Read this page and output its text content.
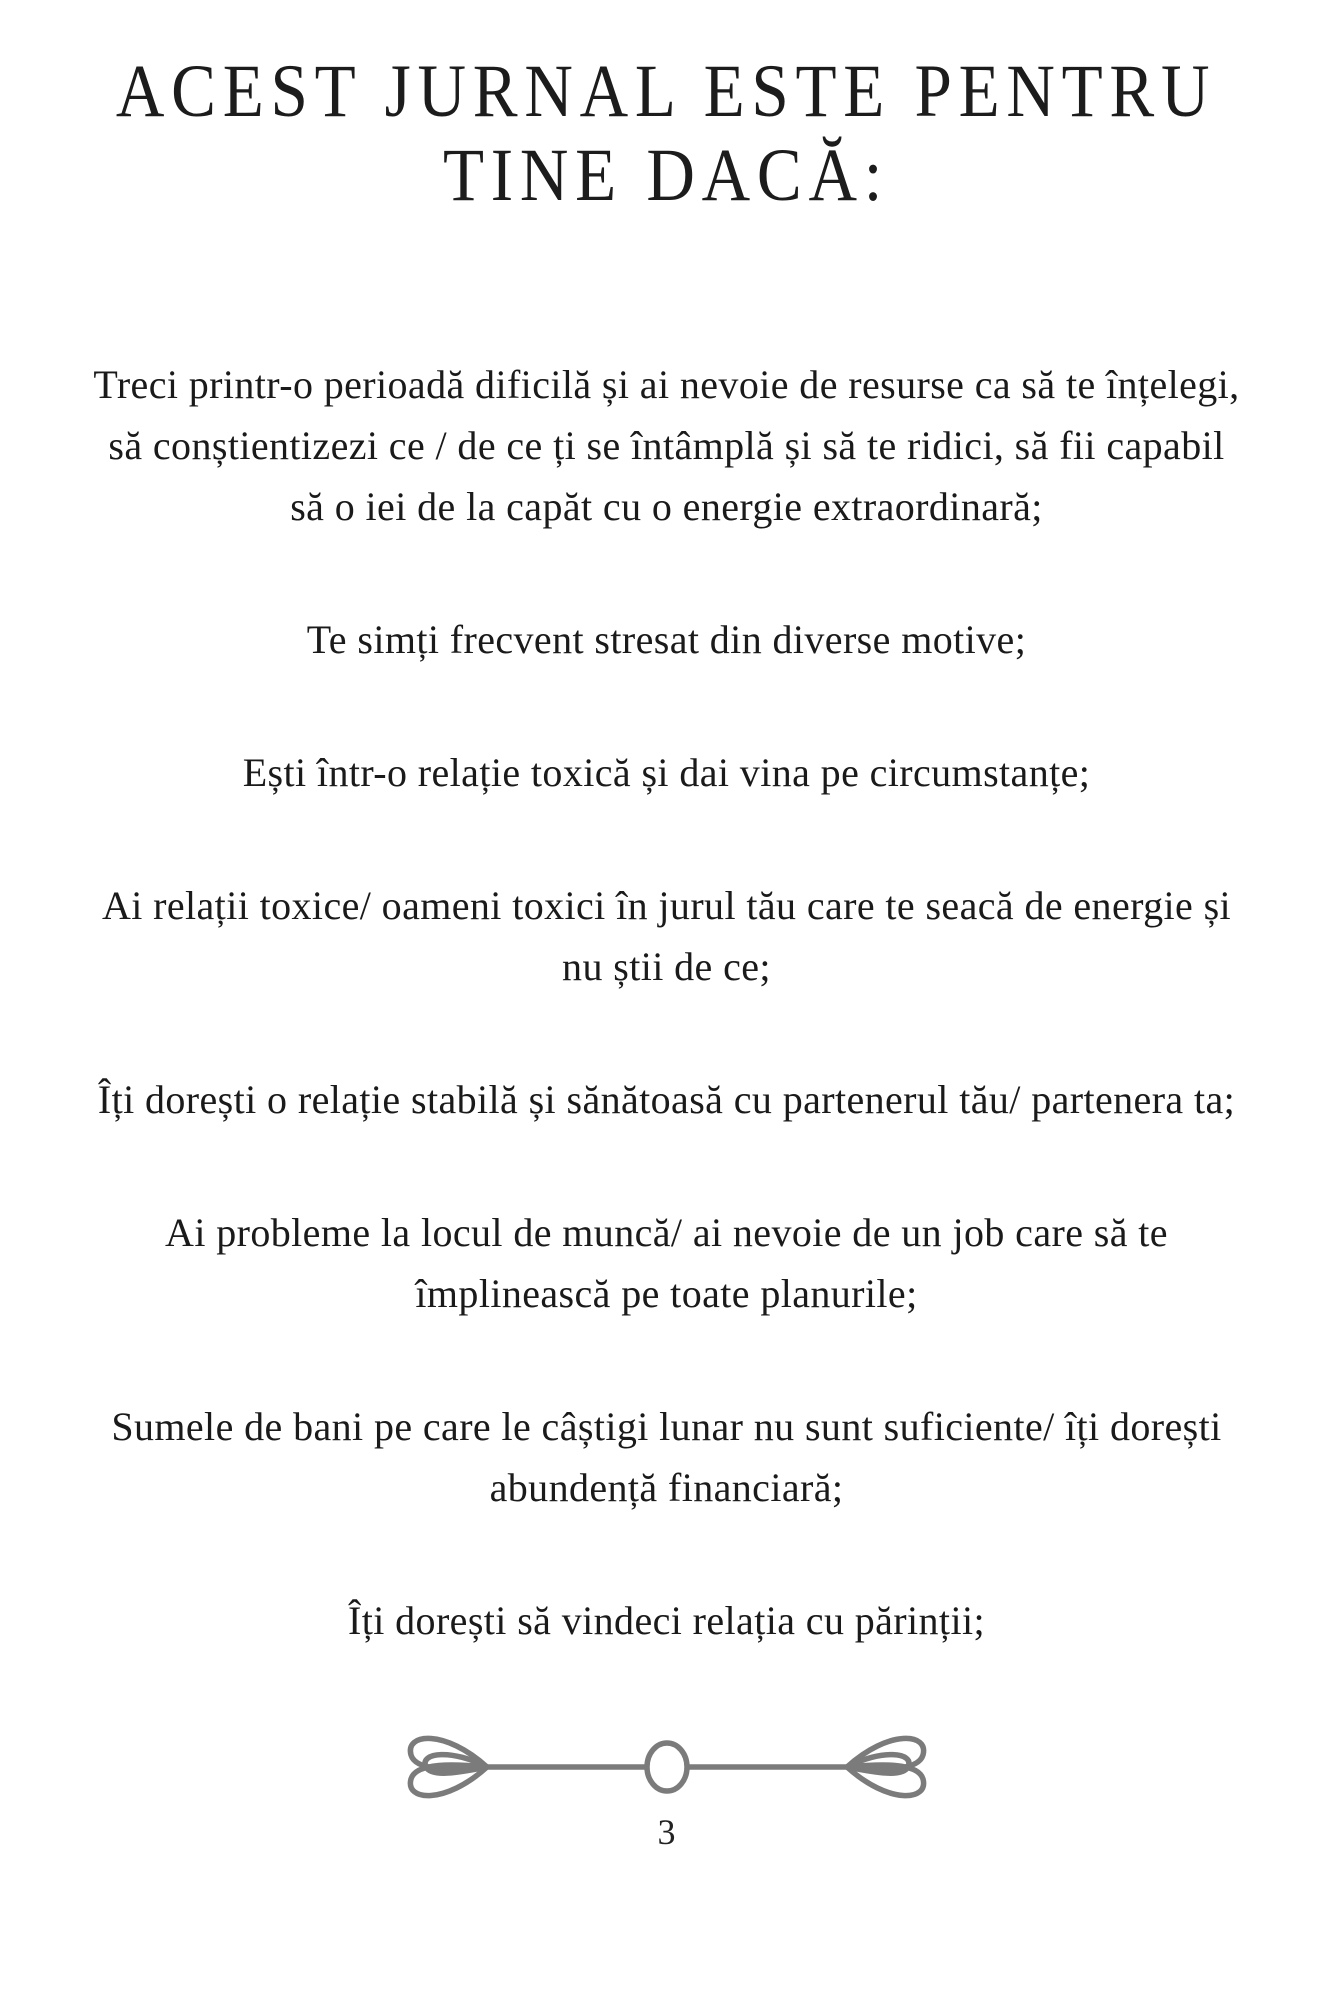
ACEST JURNAL ESTE PENTRU
TINE DACĂ:

Treci printr-o perioadă dificilă și ai nevoie de resurse ca să te înțelegi, să conștientizezi ce / de ce ți se întâmplă și să te ridici, să fii capabil să o iei de la capăt cu o energie extraordinară;

Te simți frecvent stresat din diverse motive;

Ești într-o relație toxică și dai vina pe circumstanțe;

Ai relații toxice/ oameni toxici în jurul tău care te seacă de energie și nu știi de ce;

Îți dorești o relație stabilă și sănătoasă cu partenerul tău/ partenera ta;

Ai probleme la locul de muncă/ ai nevoie de un job care să te împlinească pe toate planurile;

Sumele de bani pe care le câștigi lunar nu sunt suficiente/ îți dorești abundență financiară;

Îți dorești să vindeci relația cu părinții;

3
